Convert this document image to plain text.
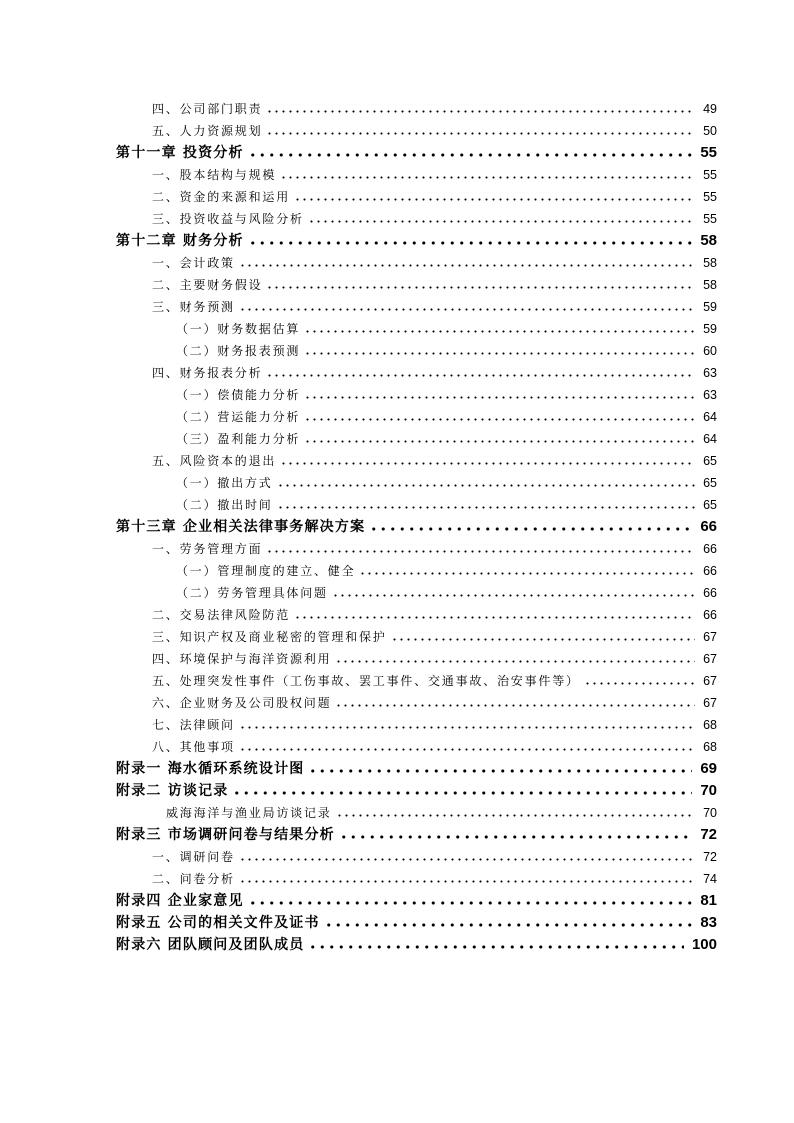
四、公司部门职责	49
五、人力资源规划	50
第十一章 投资分析	55
一、股本结构与规模	55
二、资金的来源和运用	55
三、投资收益与风险分析	55
第十二章 财务分析	58
一、会计政策	58
二、主要财务假设	58
三、财务预测	59
（一）财务数据估算	59
（二）财务报表预测	60
四、财务报表分析	63
（一）偿债能力分析	63
（二）营运能力分析	64
（三）盈利能力分析	64
五、风险资本的退出	65
（一）撤出方式	65
（二）撤出时间	65
第十三章 企业相关法律事务解决方案	66
一、劳务管理方面	66
（一）管理制度的建立、健全	66
（二）劳务管理具体问题	66
二、交易法律风险防范	66
三、知识产权及商业秘密的管理和保护	67
四、环境保护与海洋资源利用	67
五、处理突发性事件（工伤事故、罢工事件、交通事故、治安事件等）	67
六、企业财务及公司股权问题	67
七、法律顾问	68
八、其他事项	68
附录一 海水循环系统设计图	69
附录二 访谈记录	70
威海海洋与渔业局访谈记录	70
附录三 市场调研问卷与结果分析	72
一、调研问卷	72
二、问卷分析	74
附录四 企业家意见	81
附录五 公司的相关文件及证书	83
附录六 团队顾问及团队成员	100
